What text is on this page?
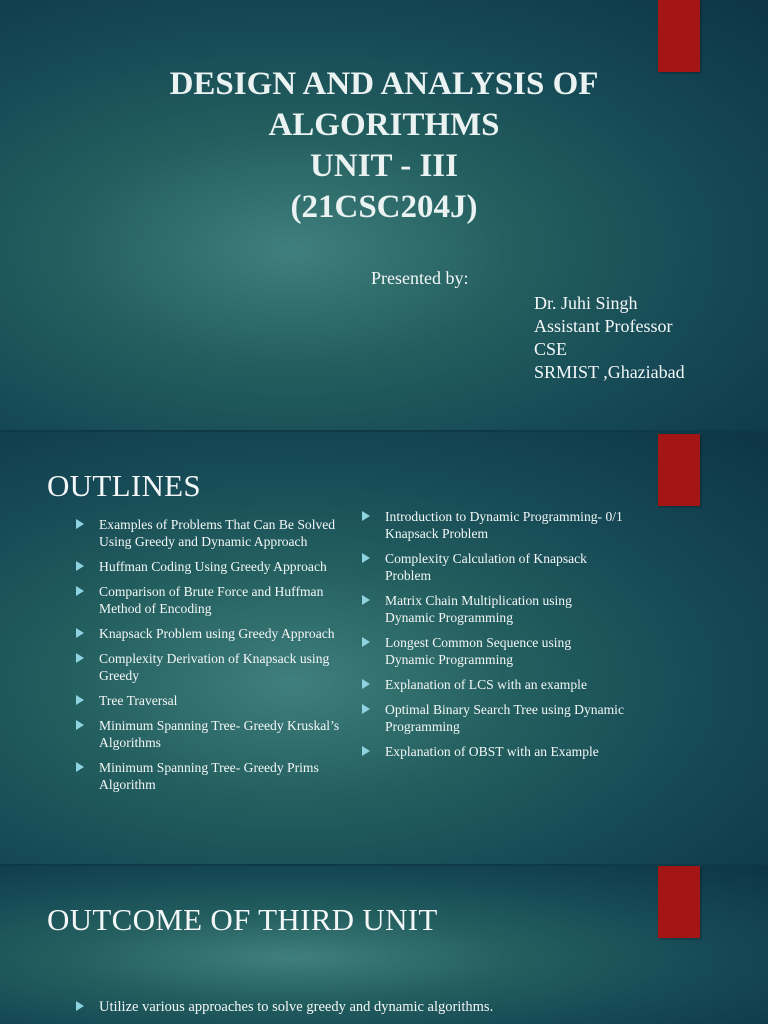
DESIGN AND ANALYSIS OF
ALGORITHMS
UNIT - III
(21CSC204J)
Presented by:
Dr. Juhi Singh
Assistant Professor
CSE
SRMIST ,Ghaziabad
OUTLINES
Examples of Problems That Can Be Solved Using Greedy and Dynamic Approach
Huffman Coding Using Greedy Approach
Comparison of Brute Force and Huffman Method of Encoding
Knapsack Problem using Greedy Approach
Complexity Derivation of Knapsack using Greedy
Tree Traversal
Minimum Spanning Tree- Greedy Kruskal’s Algorithms
Minimum Spanning Tree- Greedy Prims Algorithm
Introduction to Dynamic Programming- 0/1 Knapsack Problem
Complexity Calculation of Knapsack Problem
Matrix Chain Multiplication using Dynamic Programming
Longest Common Sequence using Dynamic Programming
Explanation of LCS with an example
Optimal Binary Search Tree using Dynamic Programming
Explanation of OBST with an Example
OUTCOME OF THIRD UNIT
Utilize various approaches to solve greedy and dynamic algorithms.
